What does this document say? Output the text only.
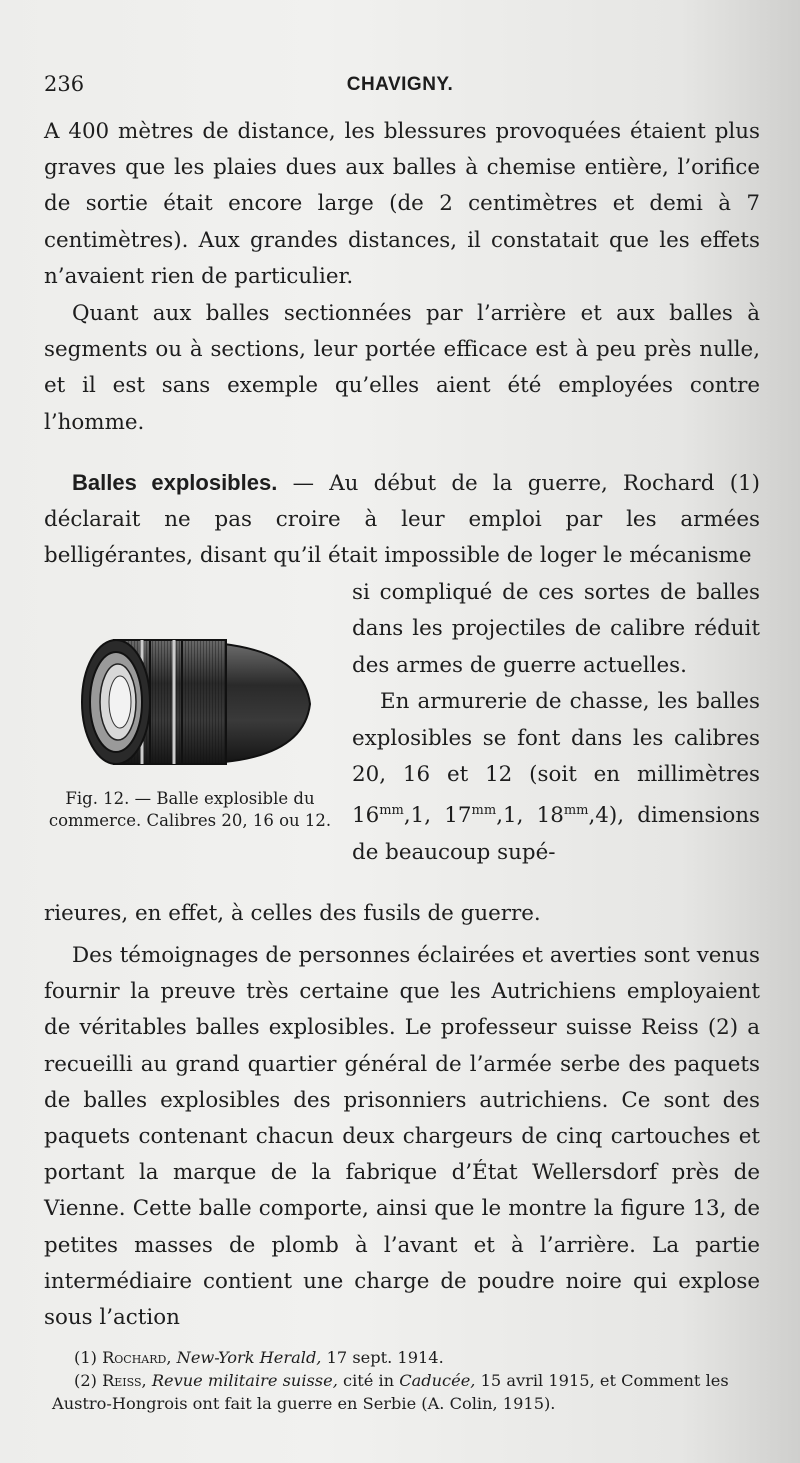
236	CHAVIGNY.
A 400 mètres de distance, les blessures provoquées étaient plus graves que les plaies dues aux balles à chemise entière, l’orifice de sortie était encore large (de 2 centimètres et demi à 7 centimètres). Aux grandes distances, il constatait que les effets n’avaient rien de particulier.
Quant aux balles sectionnées par l’arrière et aux balles à segments ou à sections, leur portée efficace est à peu près nulle, et il est sans exemple qu’elles aient été employées contre l’homme.
Balles explosibles. — Au début de la guerre, Rochard (1) déclarait ne pas croire à leur emploi par les armées belligérantes, disant qu’il était impossible de loger le mécanisme
Fig. 12. — Balle explosible du commerce. Calibres 20, 16 ou 12.
si compliqué de ces sortes de balles dans les projectiles de calibre réduit des armes de guerre actuelles.
En armurerie de chasse, les balles explosibles se font dans les calibres 20, 16 et 12 (soit en millimètres $16^{mm},1$, $17^{mm},1$, $18^{mm},4$), dimensions de beaucoup supé-
rieures, en effet, à celles des fusils de guerre.
Des témoignages de personnes éclairées et averties sont venus fournir la preuve très certaine que les Autrichiens employaient de véritables balles explosibles. Le professeur suisse Reiss (2) a recueilli au grand quartier général de l’armée serbe des paquets de balles explosibles des prisonniers autrichiens. Ce sont des paquets contenant chacun deux chargeurs de cinq cartouches et portant la marque de la fabrique d’État Wellersdorf près de Vienne. Cette balle comporte, ainsi que le montre la figure 13, de petites masses de plomb à l’avant et à l’arrière. La partie intermédiaire contient une charge de poudre noire qui explose sous l’action
(1) Rochard, New-York Herald, 17 sept. 1914.
(2) Reiss, Revue militaire suisse, cité in Caducée, 15 avril 1915, et Comment les Austro-Hongrois ont fait la guerre en Serbie (A. Colin, 1915).
